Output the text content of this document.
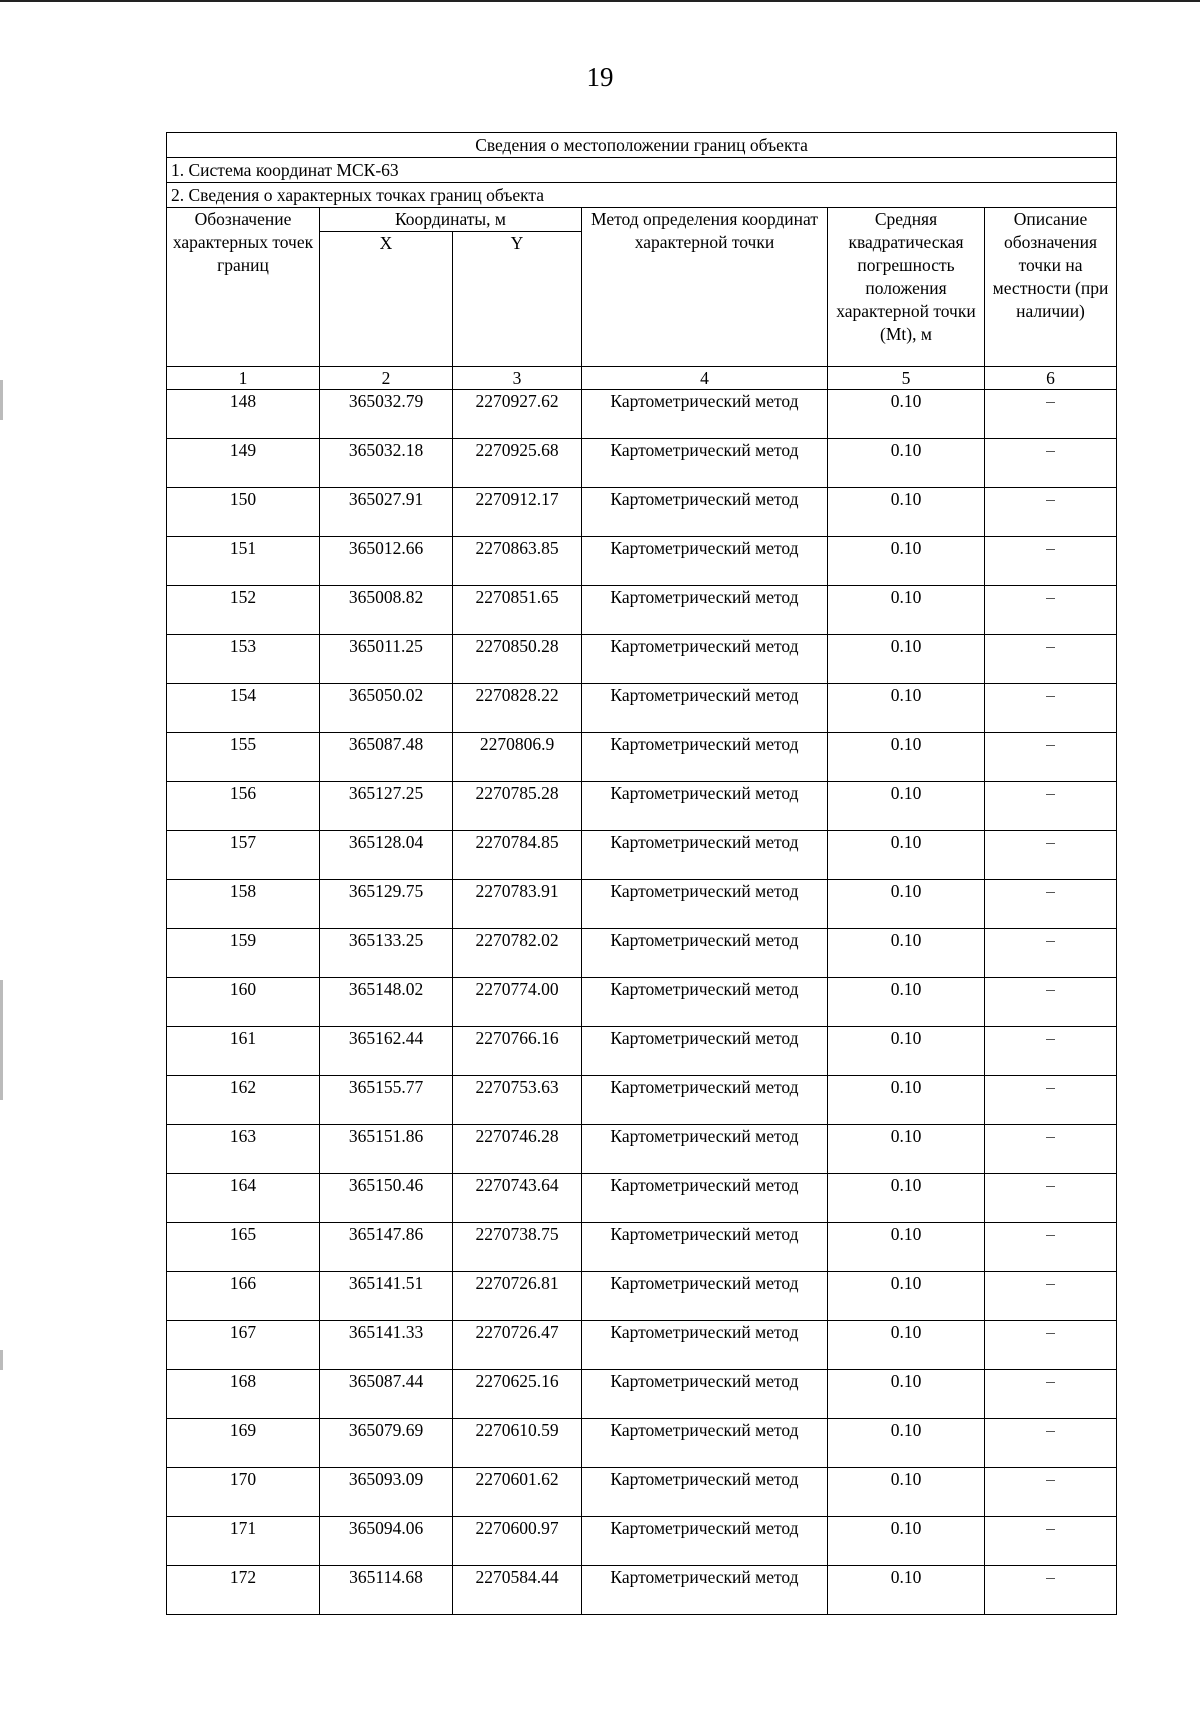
19
Сведения о местоположении границ объекта					
1. Система координат МСК-63					
2. Сведения о характерных точках границ объекта					
Обозначение характерных точек границ	Координаты, м		Метод определения координат характерной точки	Средняя квадратическая погрешность положения характерной точки (Mt), м	Описание обозначения точки на местности (при наличии)
	X	Y			
1	2	3	4	5	6
148	365032.79	2270927.62	Картометрический метод	0.10	–
149	365032.18	2270925.68	Картометрический метод	0.10	–
150	365027.91	2270912.17	Картометрический метод	0.10	–
151	365012.66	2270863.85	Картометрический метод	0.10	–
152	365008.82	2270851.65	Картометрический метод	0.10	–
153	365011.25	2270850.28	Картометрический метод	0.10	–
154	365050.02	2270828.22	Картометрический метод	0.10	–
155	365087.48	2270806.9	Картометрический метод	0.10	–
156	365127.25	2270785.28	Картометрический метод	0.10	–
157	365128.04	2270784.85	Картометрический метод	0.10	–
158	365129.75	2270783.91	Картометрический метод	0.10	–
159	365133.25	2270782.02	Картометрический метод	0.10	–
160	365148.02	2270774.00	Картометрический метод	0.10	–
161	365162.44	2270766.16	Картометрический метод	0.10	–
162	365155.77	2270753.63	Картометрический метод	0.10	–
163	365151.86	2270746.28	Картометрический метод	0.10	–
164	365150.46	2270743.64	Картометрический метод	0.10	–
165	365147.86	2270738.75	Картометрический метод	0.10	–
166	365141.51	2270726.81	Картометрический метод	0.10	–
167	365141.33	2270726.47	Картометрический метод	0.10	–
168	365087.44	2270625.16	Картометрический метод	0.10	–
169	365079.69	2270610.59	Картометрический метод	0.10	–
170	365093.09	2270601.62	Картометрический метод	0.10	–
171	365094.06	2270600.97	Картометрический метод	0.10	–
172	365114.68	2270584.44	Картометрический метод	0.10	–
